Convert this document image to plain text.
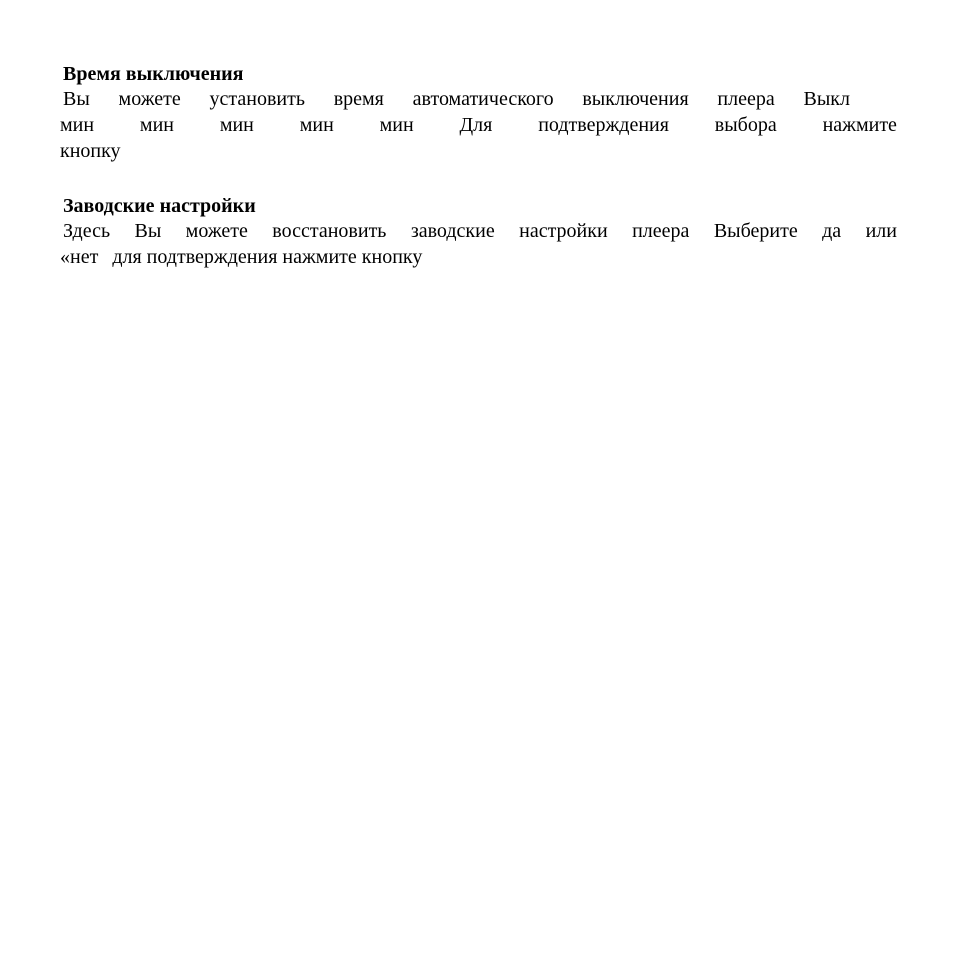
Время выключения
Вы можете установить время автоматического выключения плеера Выкл
мин мин мин мин мин Для подтверждения выбора нажмите
кнопку
Заводские настройки
Здесь Вы можете восстановить заводские настройки плеера Выберите да или
«нет для подтверждения нажмите кнопку
